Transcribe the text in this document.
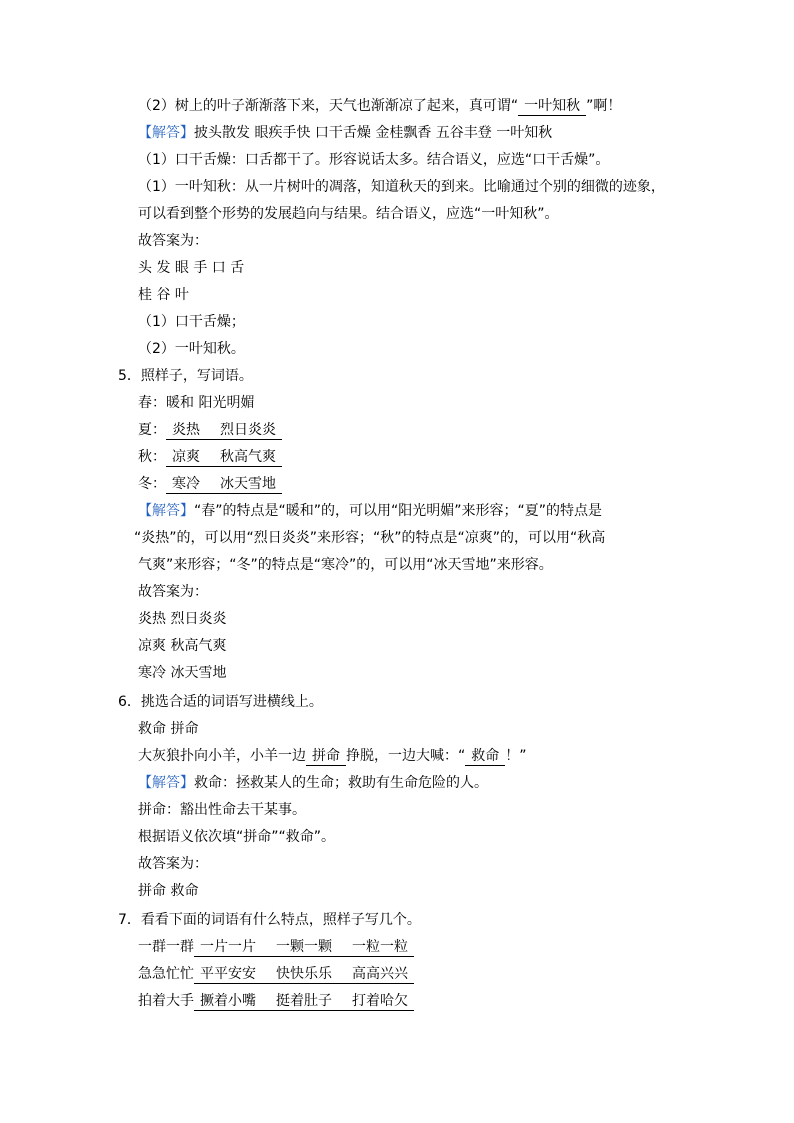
（2）树上的叶子渐渐落下来，天气也渐渐凉了起来，真可谓“ 一叶知秋 ”啊！
【解答】披头散发 眼疾手快 口干舌燥 金桂飘香 五谷丰登 一叶知秋
（1）口干舌燥：口舌都干了。形容说话太多。结合语义，应选“口干舌燥”。
（1）一叶知秋：从一片树叶的凋落，知道秋天的到来。比喻通过个别的细微的迹象，
可以看到整个形势的发展趋向与结果。结合语义，应选“一叶知秋”。
故答案为：
头 发 眼 手 口 舌
桂 谷 叶
（1）口干舌燥；
（2）一叶知秋。
5．照样子，写词语。
春：暖和 阳光明媚
夏： 炎热 烈日炎炎
秋： 凉爽 秋高气爽
冬： 寒冷 冰天雪地
【解答】“春”的特点是“暖和”的，可以用“阳光明媚”来形容；“夏”的特点是
“炎热”的，可以用“烈日炎炎”来形容；“秋”的特点是“凉爽”的，可以用“秋高
气爽”来形容；“冬”的特点是“寒冷”的，可以用“冰天雪地”来形容。
故答案为：
炎热 烈日炎炎
凉爽 秋高气爽
寒冷 冰天雪地
6．挑选合适的词语写进横线上。
救命 拼命
大灰狼扑向小羊，小羊一边 拼命 挣脱，一边大喊：“ 救命 ！”
【解答】救命：拯救某人的生命；救助有生命危险的人。
拼命：豁出性命去干某事。
根据语义依次填“拼命”“救命”。
故答案为：
拼命 救命
7．看看下面的词语有什么特点，照样子写几个。
一群一群 一片一片 一颗一颗 一粒一粒
急急忙忙 平平安安 快快乐乐 高高兴兴
拍着大手 撅着小嘴 挺着肚子 打着哈欠
